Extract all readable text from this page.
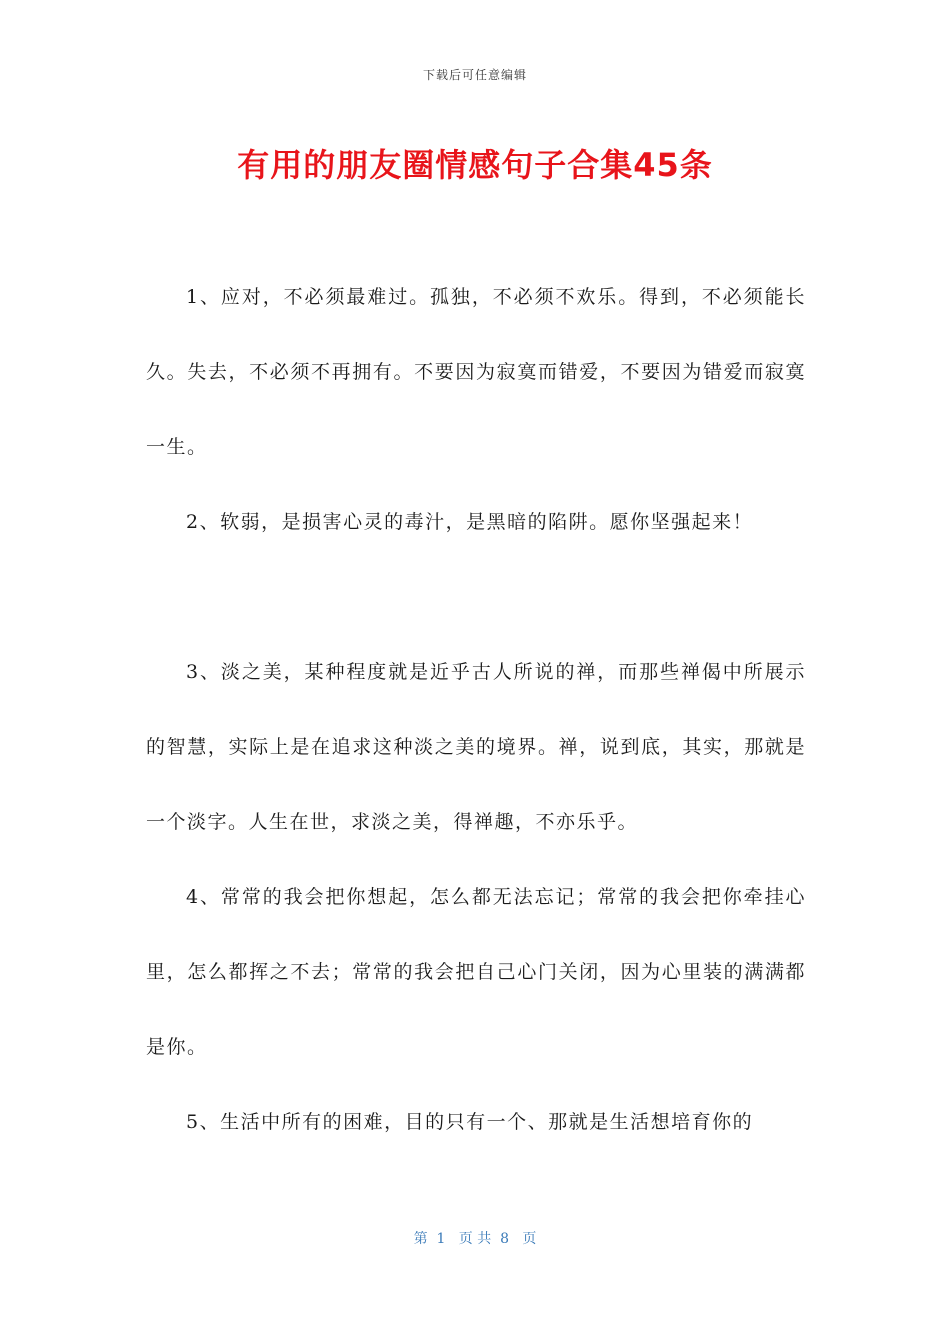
下载后可任意编辑
有用的朋友圈情感句子合集45条

1、应对，不必须最难过。孤独，不必须不欢乐。得到，不必须能长久。失去，不必须不再拥有。不要因为寂寞而错爱，不要因为错爱而寂寞一生。

2、软弱，是损害心灵的毒汁，是黑暗的陷阱。愿你坚强起来！

3、淡之美，某种程度就是近乎古人所说的禅，而那些禅偈中所展示的智慧，实际上是在追求这种淡之美的境界。禅，说到底，其实，那就是一个淡字。人生在世，求淡之美，得禅趣，不亦乐乎。

4、常常的我会把你想起，怎么都无法忘记；常常的我会把你牵挂心里，怎么都挥之不去；常常的我会把自己心门关闭，因为心里装的满满都是你。

5、生活中所有的困难，目的只有一个、那就是生活想培育你的

第  1   页 共  8   页
